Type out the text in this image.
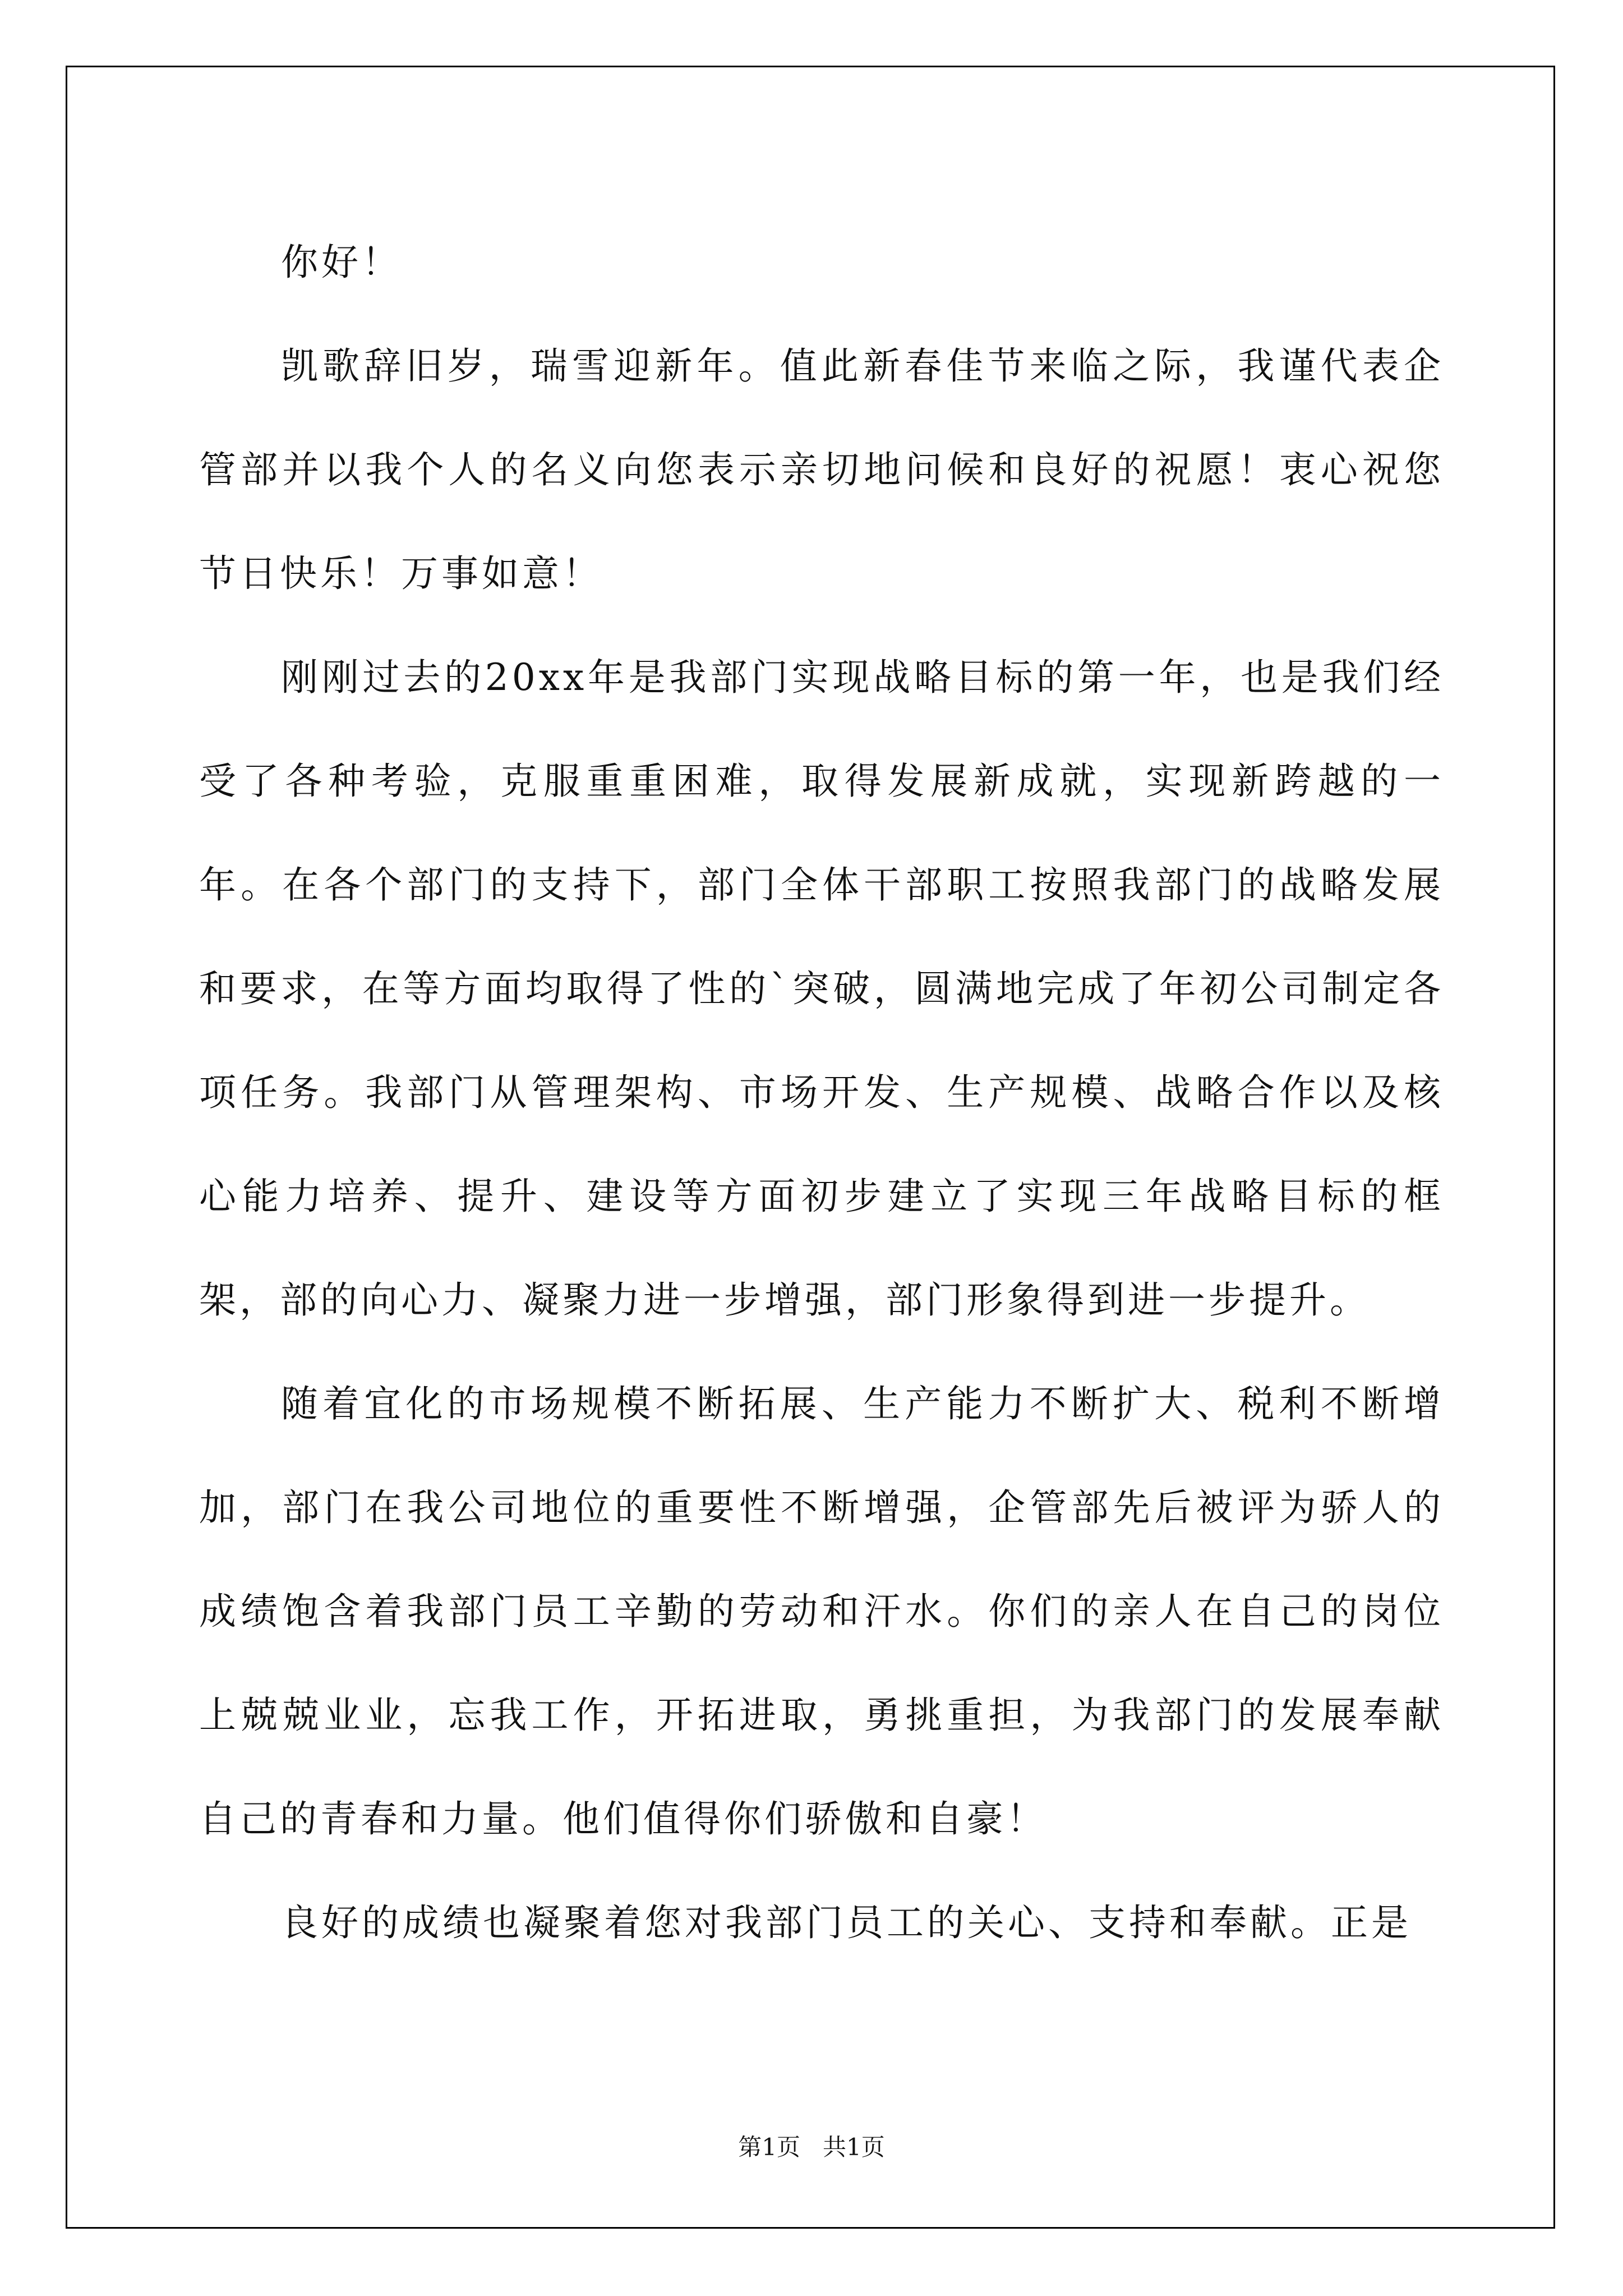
你好！

凯歌辞旧岁，瑞雪迎新年。值此新春佳节来临之际，我谨代表企管部并以我个人的名义向您表示亲切地问候和良好的祝愿！衷心祝您节日快乐！万事如意！

刚刚过去的20xx年是我部门实现战略目标的第一年，也是我们经受了各种考验，克服重重困难，取得发展新成就，实现新跨越的一年。在各个部门的支持下，部门全体干部职工按照我部门的战略发展和要求，在等方面均取得了性的`突破，圆满地完成了年初公司制定各项任务。我部门从管理架构、市场开发、生产规模、战略合作以及核心能力培养、提升、建设等方面初步建立了实现三年战略目标的框架，部的向心力、凝聚力进一步增强，部门形象得到进一步提升。

随着宜化的市场规模不断拓展、生产能力不断扩大、税利不断增加，部门在我公司地位的重要性不断增强，企管部先后被评为骄人的成绩饱含着我部门员工辛勤的劳动和汗水。你们的亲人在自己的岗位上兢兢业业，忘我工作，开拓进取，勇挑重担，为我部门的发展奉献自己的青春和力量。他们值得你们骄傲和自豪！

良好的成绩也凝聚着您对我部门员工的关心、支持和奉献。正是

第1页   共1页
